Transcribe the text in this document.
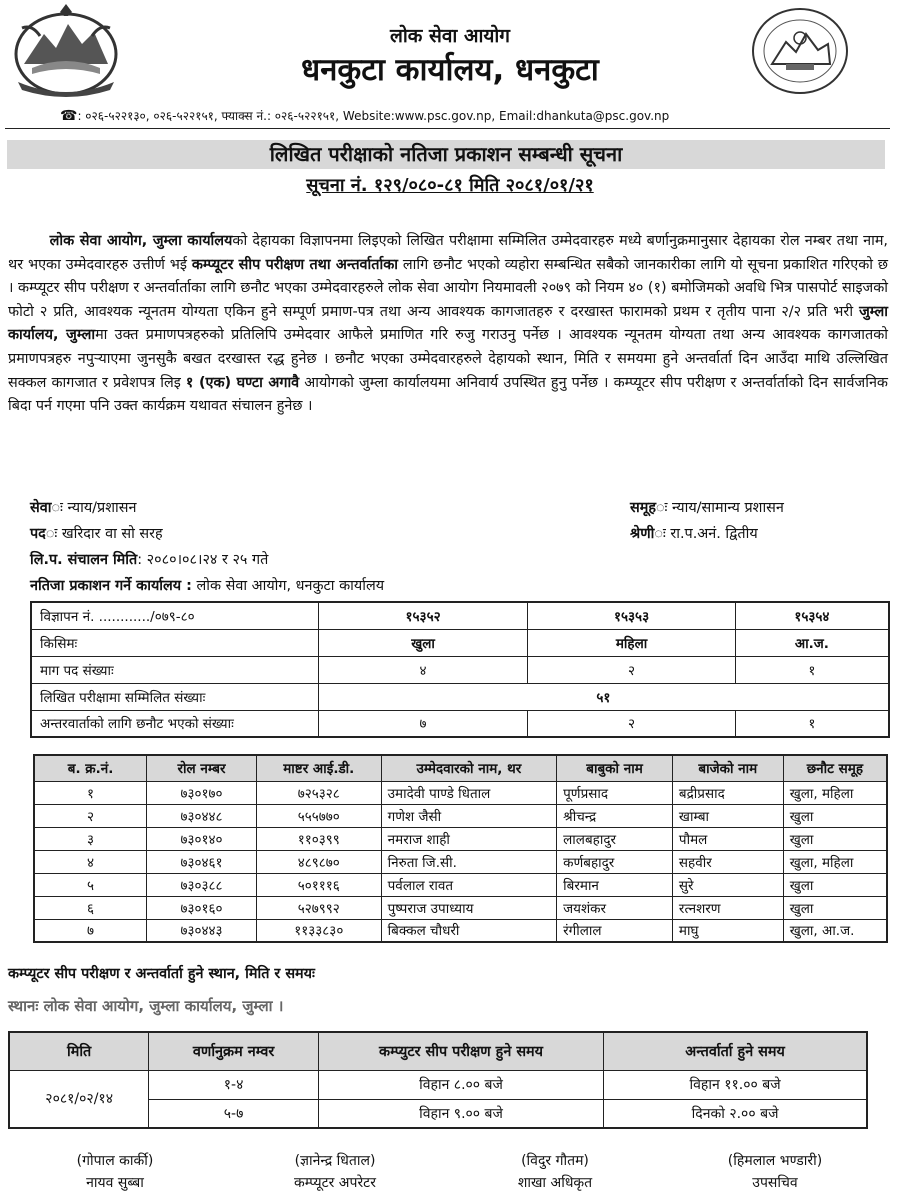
लोक सेवा आयोग
धनकुटा कार्यालय, धनकुटा
☎: ०२६-५२२१३०, ०२६-५२२१५१, फ्याक्स नं.: ०२६-५२२१५१, Website:www.psc.gov.np, Email:dhankuta@psc.gov.np
लिखित परीक्षाको नतिजा प्रकाशन सम्बन्धी सूचना
सूचना नं. १२९/०८०-८१ मिति २०८१/०१/२१
लोक सेवा आयोग, जुम्ला कार्यालयको देहायका विज्ञापनमा लिइएको लिखित परीक्षामा सम्मिलित उम्मेदवारहरु मध्ये बर्णानुक्रमानुसार देहायका रोल नम्बर तथा नाम, थर भएका उम्मेदवारहरु उत्तीर्ण भई कम्प्यूटर सीप परीक्षण तथा अन्तर्वार्ताका लागि छनौट भएको व्यहोरा सम्बन्धित सबैको जानकारीका लागि यो सूचना प्रकाशित गरिएको छ । कम्प्यूटर सीप परीक्षण र अन्तर्वार्ताका लागि छनौट भएका उम्मेदवारहरुले लोक सेवा आयोग नियमावली २०७९ को नियम ४० (१) बमोजिमको अवधि भित्र पासपोर्ट साइजको फोटो २ प्रति, आवश्यक न्यूनतम योग्यता एकिन हुने सम्पूर्ण प्रमाण-पत्र तथा अन्य आवश्यक कागजातहरु र दरखास्त फारामको प्रथम र तृतीय पाना २/२ प्रति भरी जुम्ला कार्यालय, जुम्लामा उक्त प्रमाणपत्रहरुको प्रतिलिपि उम्मेदवार आफैले प्रमाणित गरि रुजु गराउनु पर्नेछ । आवश्यक न्यूनतम योग्यता तथा अन्य आवश्यक कागजातको प्रमाणपत्रहरु नपुऱ्याएमा जुनसुकै बखत दरखास्त रद्ध हुनेछ । छनौट भएका उम्मेदवारहरुले देहायको स्थान, मिति र समयमा हुने अन्तर्वार्ता दिन आउँदा माथि उल्लिखित सक्कल कागजात र प्रवेशपत्र लिइ १ (एक) घण्टा अगावै आयोगको जुम्ला कार्यालयमा अनिवार्य उपस्थित हुनु पर्नेछ । कम्प्यूटर सीप परीक्षण र अन्तर्वार्ताको दिन सार्वजनिक बिदा पर्न गएमा पनि उक्त कार्यक्रम यथावत संचालन हुनेछ ।
सेवाः न्याय/प्रशासन	समूहः न्याय/सामान्य प्रशासन
पदः खरिदार वा सो सरह	श्रेणीः रा.प.अनं. द्वितीय
लि.प. संचालन मिति: २०८०।०८।२४ र २५ गते
नतिजा प्रकाशन गर्ने कार्यालय : लोक सेवा आयोग, धनकुटा कार्यालय
विज्ञापन नं. ............/०७९-८०	१५३५२	१५३५३	१५३५४
किसिमः	खुला	महिला	आ.ज.
माग पद संख्याः	४	२	१
लिखित परीक्षामा सम्मिलित संख्याः	५१		
अन्तरवार्ताको लागि छनौट भएको संख्याः	७	२	१
ब. क्र.नं.	रोल नम्बर	माष्टर आई.डी.	उम्मेदवारको नाम, थर	बाबुको नाम	बाजेको नाम	छनौट समूह
१	७३०१७०	७२५३२८	उमादेवी पाण्डे धिताल	पूर्णप्रसाद	बद्रीप्रसाद	खुला, महिला
२	७३०४४८	५५५७७०	गणेश जैसी	श्रीचन्द्र	खाम्बा	खुला
३	७३०१४०	११०३९९	नमराज शाही	लालबहादुर	पौमल	खुला
४	७३०४६१	४८९८७०	निरुता जि.सी.	कर्णबहादुर	सहवीर	खुला, महिला
५	७३०३८८	५०१११६	पर्वलाल रावत	बिरमान	सुरे	खुला
६	७३०१६०	५२७९९२	पुष्पराज उपाध्याय	जयशंकर	रत्नशरण	खुला
७	७३०४४३	११३३८३०	बिक्कल चौधरी	रंगीलाल	माघु	खुला, आ.ज.
कम्प्यूटर सीप परीक्षण र अन्तर्वार्ता हुने स्थान, मिति र समयः
स्थानः लोक सेवा आयोग, जुम्ला कार्यालय, जुम्ला ।
मिति	वर्णानुक्रम नम्वर	कम्प्युटर सीप परीक्षण हुने समय	अन्तर्वार्ता हुने समय
२०८१/०२/१४	१-४	विहान ८.०० बजे	विहान ११.०० बजे
	५-७	विहान ९.०० बजे	दिनको २.०० बजे
(गोपाल कार्की)
नायव सुब्बा
(ज्ञानेन्द्र धिताल)
कम्प्यूटर अपरेटर
(विदुर गौतम)
शाखा अधिकृत
(हिमलाल भण्डारी)
उपसचिव
